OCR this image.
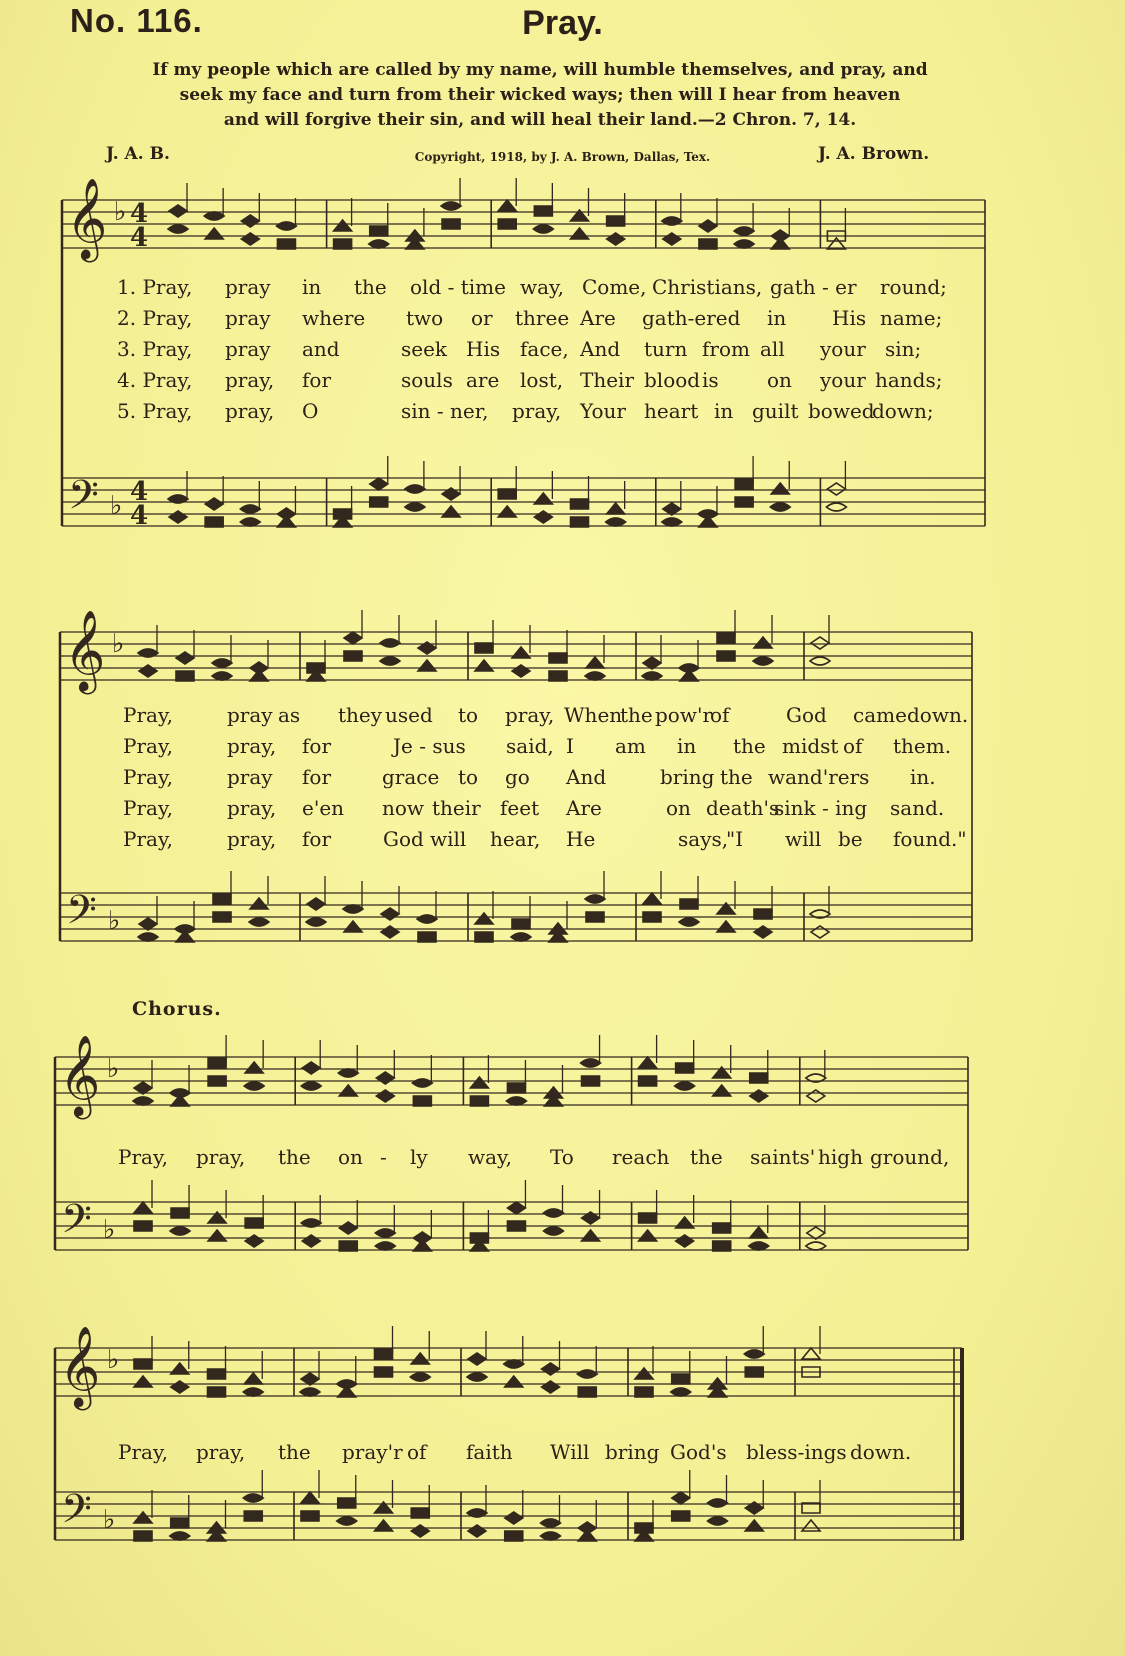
No. 116.	Pray.
If my people which are called by my name, will humble themselves, and pray, and
seek my face and turn from their wicked ways; then will I hear from heaven
and will forgive their sin, and will heal their land.—2 Chron. 7, 14.
J. A. B.	Copyright, 1918, by J. A. Brown, Dallas, Tex.	J. A. Brown.
𝄞
𝄢
♭
♭
4
4
4
4
𝄞
𝄢
♭
♭
𝄞
𝄢
♭
♭
𝄞
𝄢
♭
♭
1. Pray, pray in the old - time way, Come, Christians, gath - er round;
2. Pray, pray where two or three Are gath-ered in His name;
3. Pray, pray and	seek His face, And turn from all your sin;
4. Pray, pray, for	souls are lost, Their blood is on your hands;
5. Pray, pray, O	sin - ner, pray, Your heart in guilt bowed
down;
Pray,	pray as they used to pray, When
the pow'r
of	God came down.
Pray,	pray, for	Je - sus said, I am in the midst of them.
Pray,	pray for	grace to go And	bring the wand'rers in.
Pray,	pray, e'en now their feet Are	on death's
sink - ing sand.
Pray,	pray, for	God will hear, He	says,
"I will be found."
Pray, pray, the on - ly way, To reach the saints' high ground,
Pray, pray, the pray'r of faith Will bring God's bless-ings down.
Chorus.
